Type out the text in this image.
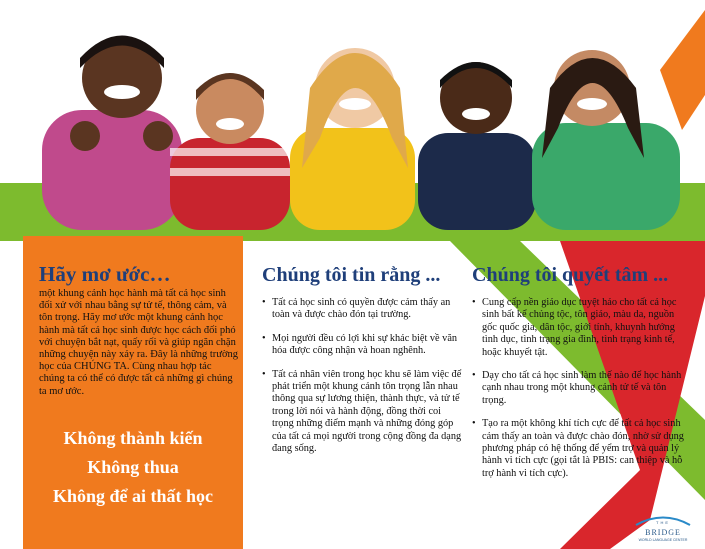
Hãy mơ ước…
một khung cảnh học hành mà tất cả học sinh đối xử với nhau bằng sự tử tế, thông cảm, và tôn trọng. Hãy mơ ước một khung cảnh học hành mà tất cả học sinh được học cách đối phó với chuyện bắt nạt, quấy rối và giúp ngăn chặn những chuyện này xảy ra. Đây là những trường học của CHÚNG TA. Cùng nhau hợp tác chúng ta có thể có được tất cả những gì chúng ta mơ ước.
Không thành kiến
Không thua
Không để ai thất học
Chúng tôi tin rằng ...
• Tất cả học sinh có quyền được cảm thấy an toàn và được chào đón tại trường.
• Mọi người đều có lợi khi sự khác biệt về văn hóa được công nhận và hoan nghênh.
• Tất cả nhân viên trong học khu sẽ làm việc để phát triển một khung cảnh tôn trọng lẫn nhau thông qua sự lương thiện, thành thực, và tử tế trong lời nói và hành động, đồng thời coi trọng những điểm mạnh và những đóng góp của tất cả mọi người trong cộng đồng đa dạng đang sống.
Chúng tôi quyết tâm ...
• Cung cấp nền giáo dục tuyệt hảo cho tất cả học sinh bất kể chủng tộc, tôn giáo, màu da, nguồn gốc quốc gia, dân tộc, giới tính, khuynh hướng tình dục, tình trạng gia đình, tình trạng kinh tế, hoặc khuyết tật.
• Dạy cho tất cả học sinh làm thế nào để học hành cạnh nhau trong một khung cảnh tử tế và tôn trọng.
• Tạo ra một không khí tích cực để tất cả học sinh cảm thấy an toàn và được chào đón, nhờ sử dụng phương pháp có hệ thống để yểm trợ và quản lý hành vi tích cực (gọi tắt là PBIS: can thiệp và hỗ trợ hành vi tích cực).
THE
BRIDGE
WORLD LANGUAGE CENTER
